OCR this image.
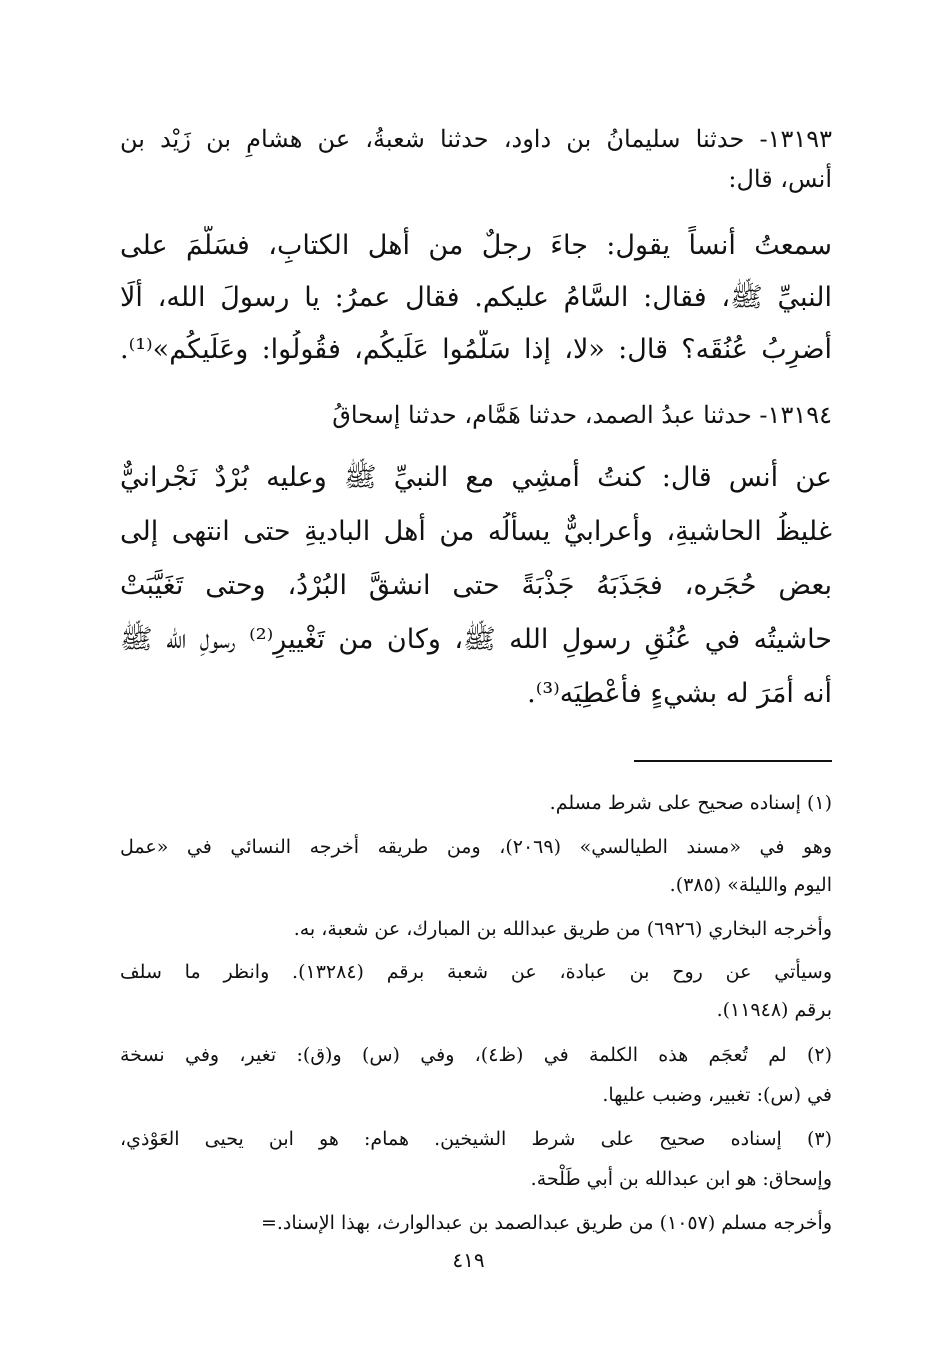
١٣١٩٣- حدثنا سليمانُ بن داود، حدثنا شعبةُ، عن هشامِ بن زَيْد بن
أنس، قال:
سمعتُ أنساً يقول: جاءَ رجلٌ من أهل الكتابِ، فسَلَّمَ على
النبيِّ ﷺ، فقال: السَّامُ عليكم. فقال عمرُ: يا رسولَ الله، ألَا
أضرِبُ عُنُقَه؟ قال: «لا، إذا سَلَّمُوا عَلَيكُم، فقُولُوا: وعَلَيكُم»⁽¹⁾.
١٣١٩٤- حدثنا عبدُ الصمد، حدثنا هَمَّام، حدثنا إسحاقُ
عن أنس قال: كنتُ أَمشِي مع النبيِّ ﷺ وعليه بُرْدٌ نَجْرانيٌّ
غليظُ الحاشيةِ، وأعرابيٌّ يسألُه من أهل الباديةِ حتى انتهى إلى
بعض حُجَره، فجَذَبَهُ جَذْبَةً حتى انشقَّ البُرْدُ، وحتى تَغَيَّبَتْ
حاشيتُه في عُنُقِ رسولِ الله ﷺ، وكان من تَغْييرِ⁽²⁾ رسولِ الله ﷺ
أنه أَمَرَ له بشيءٍ فأُعْطِيَه⁽³⁾.
(١) إسناده صحيح على شرط مسلم.
وهو في «مسند الطيالسي» (٢٠٦٩)، ومن طريقه أخرجه النسائي في «عمل
اليوم والليلة» (٣٨٥).
وأخرجه البخاري (٦٩٢٦) من طريق عبدالله بن المبارك، عن شعبة، به.
وسيأتي عن روح بن عبادة، عن شعبة برقم (١٣٢٨٤). وانظر ما سلف
برقم (١١٩٤٨).
(٢) لم تُعجَم هذه الكلمة في (ظ٤)، وفي (س) و(ق): تغير، وفي نسخة
في (س): تغبير، وضبب عليها.
(٣) إسناده صحيح على شرط الشيخين. همام: هو ابن يحيى العَوْذي،
وإسحاق: هو ابن عبدالله بن أبي طَلْحة.
وأخرجه مسلم (١٠٥٧) من طريق عبدالصمد بن عبدالوارث، بهذا الإسناد.=
٤١٩
